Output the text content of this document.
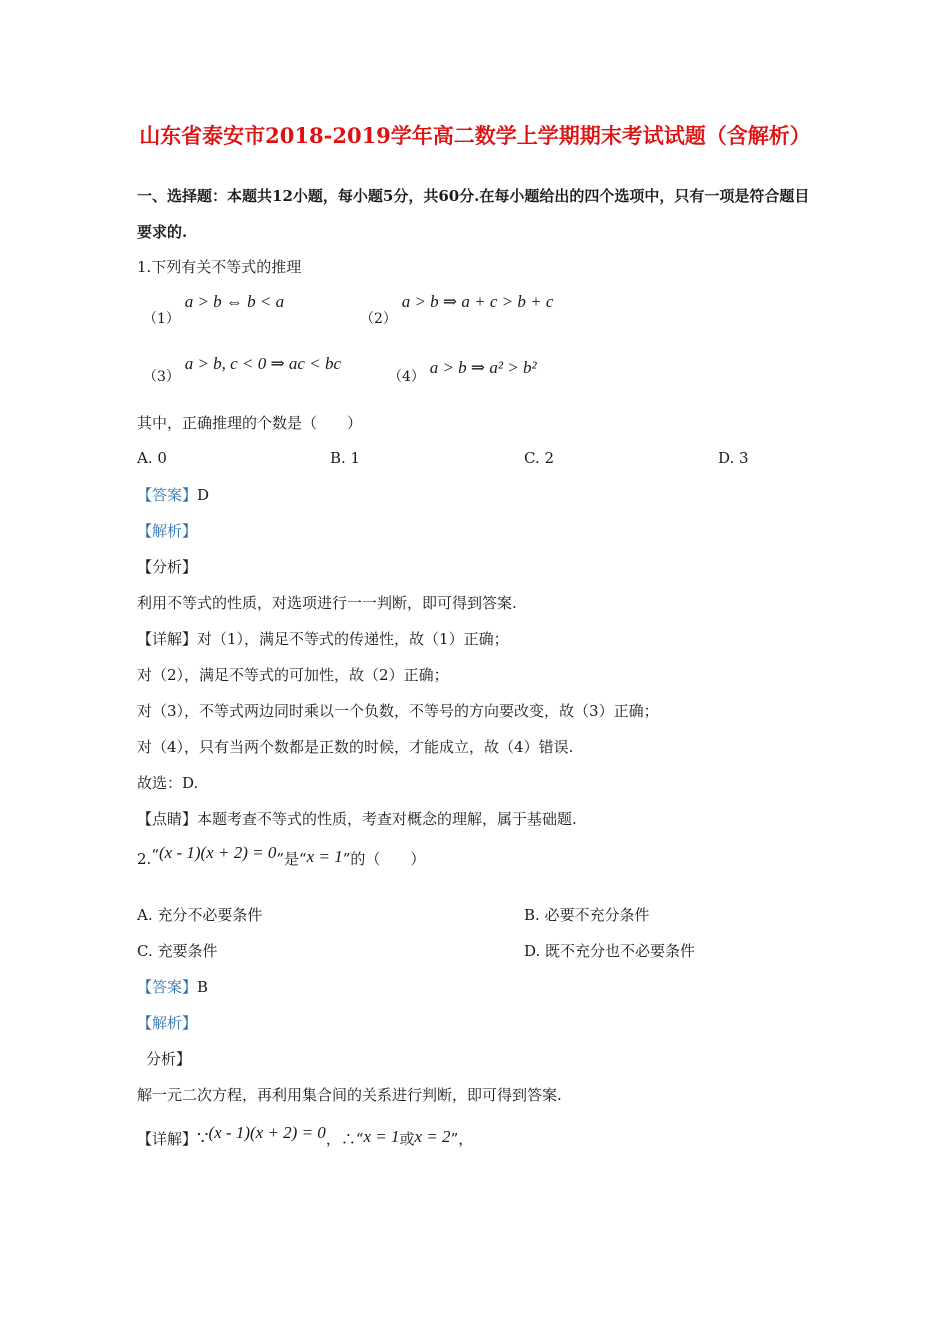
山东省泰安市2018-2019学年高二数学上学期期末考试试题（含解析）
一、选择题：本题共12小题，每小题5分，共60分.在每小题给出的四个选项中，只有一项是符合题目要求的.
1.下列有关不等式的推理
（1） a > b ⇔ b < a
（2） a > b ⇒ a + c > b + c
（3） a > b, c < 0 ⇒ ac < bc
（4） a > b ⇒ a² > b²
其中，正确推理的个数是（　　）
A. 0	B. 1	C. 2	D. 3
【答案】D
【解析】
【分析】
利用不等式的性质，对选项进行一一判断，即可得到答案.
【详解】对（1），满足不等式的传递性，故（1）正确；
对（2），满足不等式的可加性，故（2）正确；
对（3），不等式两边同时乘以一个负数，不等号的方向要改变，故（3）正确；
对（4），只有当两个数都是正数的时候，才能成立，故（4）错误.
故选：D.
【点睛】本题考查不等式的性质，考查对概念的理解，属于基础题.
2.“(x - 1)(x + 2) = 0”是“x = 1”的（　　）
A. 充分不必要条件	B. 必要不充分条件
C. 充要条件	D. 既不充分也不必要条件
【答案】B
【解析】
分析】
解一元二次方程，再利用集合间的关系进行判断，即可得到答案.
【详解】∵(x - 1)(x + 2) = 0，∴“x = 1或x = 2”，
